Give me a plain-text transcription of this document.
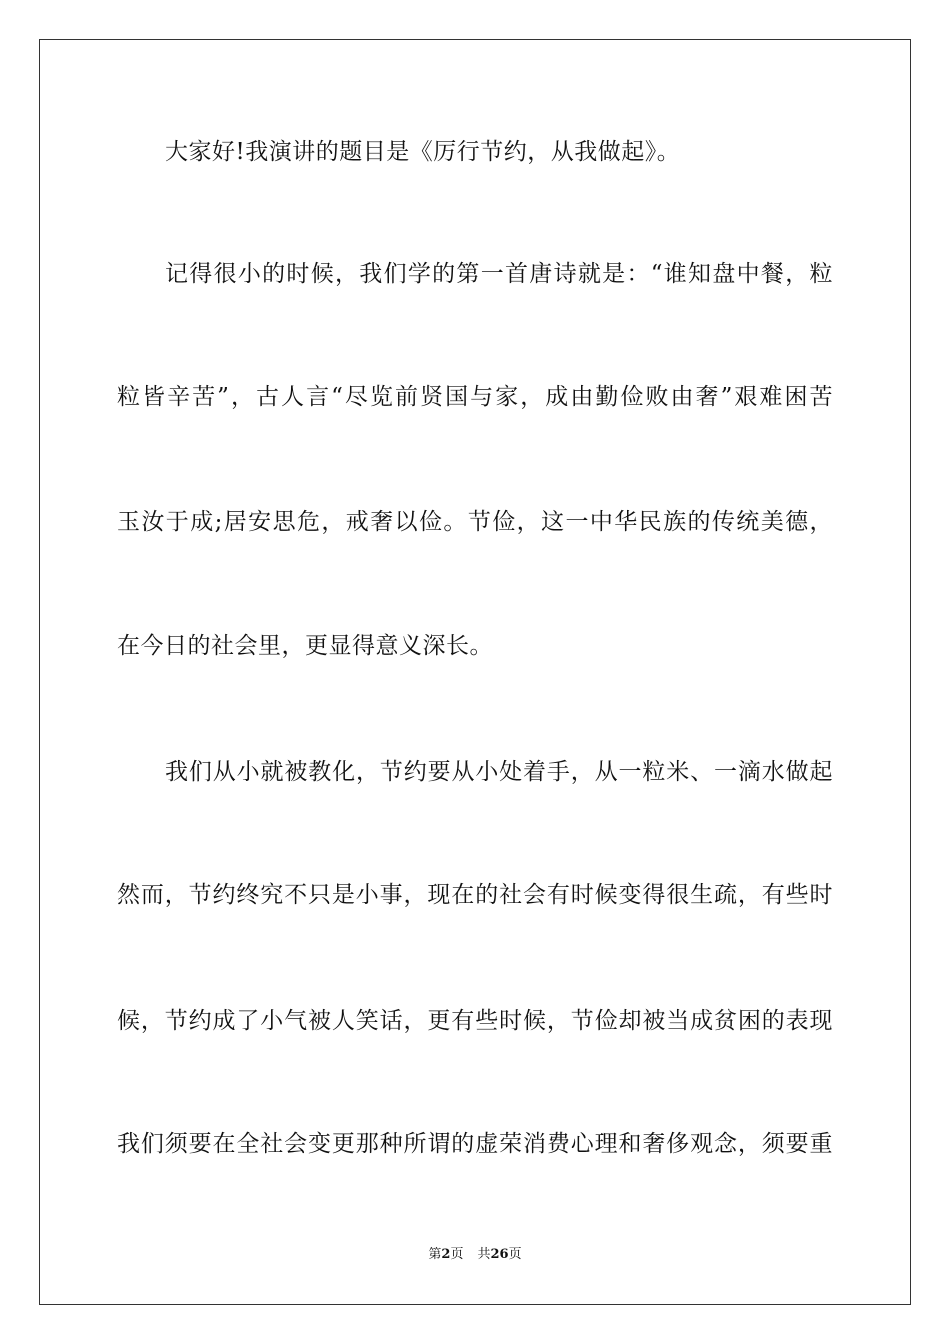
大家好!我演讲的题目是《厉行节约，从我做起》。
记得很小的时候，我们学的第一首唐诗就是：“谁知盘中餐，粒
粒皆辛苦”，古人言“尽览前贤国与家，成由勤俭败由奢”艰难困苦
玉汝于成;居安思危，戒奢以俭。节俭，这一中华民族的传统美德，
在今日的社会里，更显得意义深长。
我们从小就被教化，节约要从小处着手，从一粒米、一滴水做起
然而，节约终究不只是小事，现在的社会有时候变得很生疏，有些时
候，节约成了小气被人笑话，更有些时候，节俭却被当成贫困的表现
我们须要在全社会变更那种所谓的虚荣消费心理和奢侈观念，须要重
第2页 共26页
